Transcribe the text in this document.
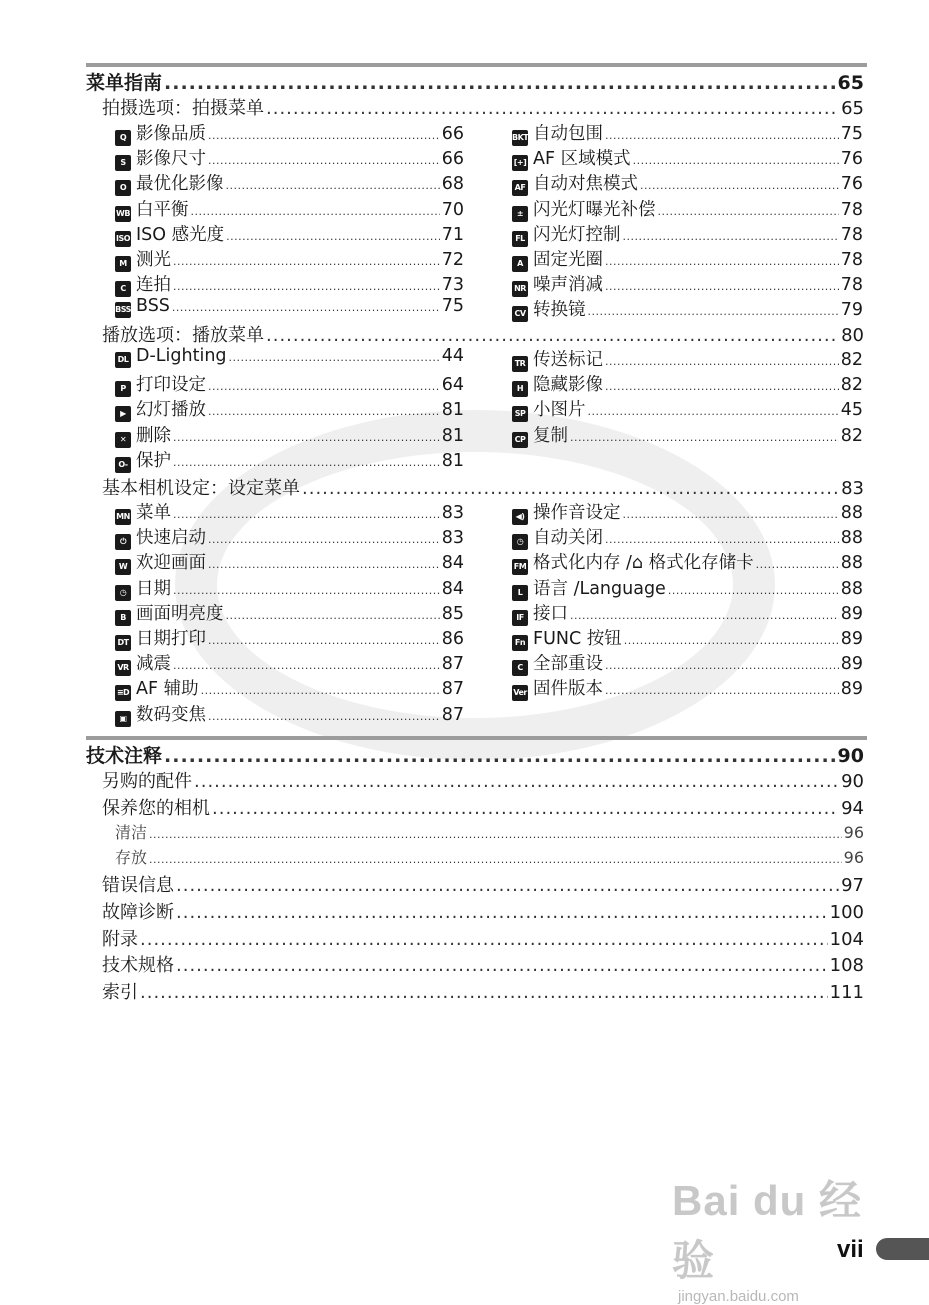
菜单指南 .....	65
拍摄选项：拍摄菜单 .....	65
Q 影像品质 .....	66
S 影像尺寸 .....	66
O 最优化影像 .....	68
WB 白平衡 .....	70
ISO ISO 感光度 .....	71
M 测光 .....	72
C 连拍 .....	73
BSS BSS .....	75
BKT 自动包围 .....	75
[+] AF 区域模式 .....	76
AF 自动对焦模式 .....	76
± 闪光灯曝光补偿 .....	78
FL 闪光灯控制 .....	78
A 固定光圈 .....	78
NR 噪声消减 .....	78
CV 转换镜 .....	79
播放选项：播放菜单 .....	80
DL D-Lighting .....	44
P 打印设定 .....	64
▶ 幻灯播放 .....	81
✕ 删除 .....	81
O- 保护 .....	81
TR 传送标记 .....	82
H 隐藏影像 .....	82
SP 小图片 .....	45
CP 复制 .....	82
基本相机设定：设定菜单 .....	83
MN 菜单 .....	83
⏻ 快速启动 .....	83
W 欢迎画面 .....	84
◷ 日期 .....	84
B 画面明亮度 .....	85
DT 日期打印 .....	86
VR 减震 .....	87
≡D AF 辅助 .....	87
▣ 数码变焦 .....	87
◀) 操作音设定 .....	88
◷ 自动关闭 .....	88
FM 格式化内存 /⌂ 格式化存储卡 .....	88
L 语言 /Language .....	88
IF 接口 .....	89
Fn FUNC 按钮 .....	89
C 全部重设 .....	89
Ver 固件版本 .....	89
技术注释 .....	90
另购的配件 .....	90
保养您的相机 .....	94
清洁 .....	96
存放 .....	96
错误信息 .....	97
故障诊断 .....	100
附录 .....	104
技术规格 .....	108
索引 .....	111
Bai du 经验
jingyan.baidu.com
vii
